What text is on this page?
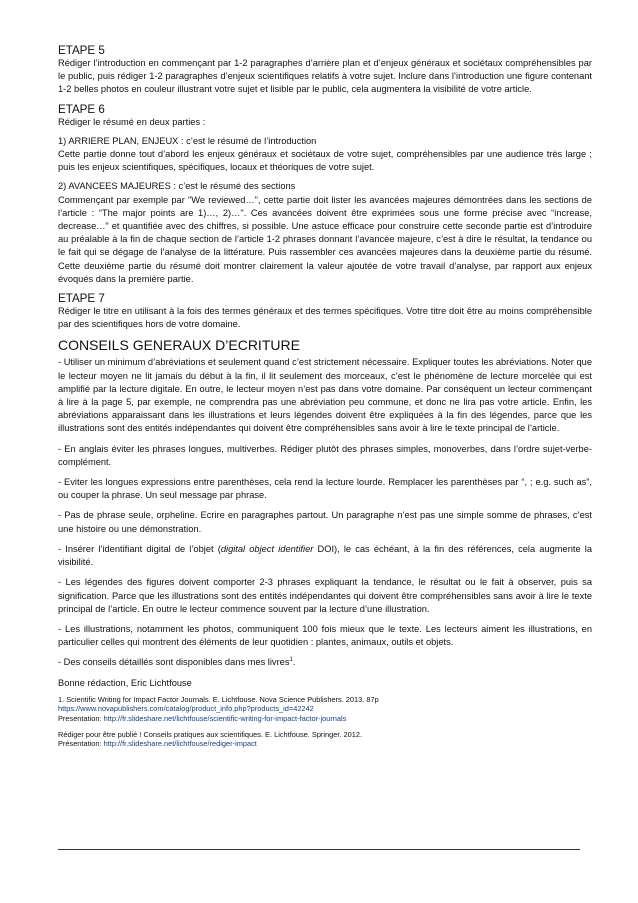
ETAPE 5

Rédiger l’introduction en commençant par 1-2 paragraphes d’arrière plan et d’enjeux généraux et sociétaux compréhensibles par le public, puis rédiger 1-2 paragraphes d’enjeux scientifiques relatifs à votre sujet. Inclure dans l’introduction une figure contenant 1-2 belles photos en couleur illustrant votre sujet et lisible par le public, cela augmentera la visibilité de votre article.

ETAPE 6

Rédiger le résumé en deux parties :

1) ARRIERE PLAN, ENJEUX : c’est le résumé de l’introduction

Cette partie donne tout d’abord les enjeux généraux et sociétaux de votre sujet, compréhensibles par une audience très large ; puis les enjeux scientifiques, spécifiques, locaux et théoriques de votre sujet.

2) AVANCEES MAJEURES : c’est le résumé des sections

Commençant par exemple par "We reviewed…”, cette partie doit lister les avancées majeures démontrées dans les sections de l’article : “The major points are 1)…, 2)…". Ces avancées doivent être exprimées sous une forme précise avec “increase, decrease…” et quantifiée avec des chiffres, si possible. Une astuce efficace pour construire cette seconde partie est d’introduire au préalable à la fin de chaque section de l’article 1-2 phrases donnant l’avancée majeure, c’est à dire le résultat, la tendance ou le fait qui se dégage de l’analyse de la littérature. Puis rassembler ces avancées majeures dans la deuxième partie du résumé. Cette deuxième partie du résumé doit montrer clairement la valeur ajoutée de votre travail d’analyse, par rapport aux enjeux évoqués dans la première partie.

ETAPE 7

Rédiger le titre en utilisant à la fois des termes généraux et des termes spécifiques. Votre titre doit être au moins compréhensible par des scientifiques hors de votre domaine.

CONSEILS GENERAUX D’ECRITURE

- Utiliser un minimum d’abréviations et seulement quand c’est strictement nécessaire. Expliquer toutes les abréviations. Noter que le lecteur moyen ne lit jamais du début à la fin, il lit seulement des morceaux, c’est le phénomène de lecture morcelée qui est amplifié par la lecture digitale. En outre, le lecteur moyen n’est pas dans votre domaine. Par conséquent un lecteur commençant à lire à la page 5, par exemple, ne comprendra pas une abréviation peu commune, et donc ne lira pas votre article. Enfin, les abréviations apparaissant dans les illustrations et leurs légendes doivent être expliquées à la fin des légendes, parce que les illustrations sont des entités indépendantes qui doivent être compréhensibles sans avoir à lire le texte principal de l’article.

- En anglais éviter les phrases longues, multiverbes. Rédiger plutôt des phrases simples, monoverbes, dans l’ordre sujet-verbe-complément.

- Eviter les longues expressions entre parenthèses, cela rend la lecture lourde. Remplacer les parenthèses par “, ; e.g. such as”, ou couper la phrase. Un seul message par phrase.

- Pas de phrase seule, orpheline. Ecrire en paragraphes partout. Un paragraphe n’est pas une simple somme de phrases, c’est une histoire ou une démonstration.

- Insérer l’identifiant digital de l’objet (digital object identifier DOI), le cas échéant, à la fin des références, cela augmente la visibilité.

- Les légendes des figures doivent comporter 2-3 phrases expliquant la tendance, le résultat ou le fait à observer, puis sa signification. Parce que les illustrations sont des entités indépendantes qui doivent être compréhensibles sans avoir à lire le texte principal de l’article. En outre le lecteur commence souvent par la lecture d’une illustration.

- Les illustrations, notamment les photos, communiquent 100 fois mieux que le texte. Les lecteurs aiment les illustrations, en particulier celles qui montrent des éléments de leur quotidien : plantes, animaux, outils et objets.

- Des conseils détaillés sont disponibles dans mes livres$^1$.

Bonne rédaction, Eric Lichtfouse

1. Scientific Writing for Impact Factor Journals. E. Lichtfouse. Nova Science Publishers. 2013. 87p

https://www.novapublishers.com/catalog/product_info.php?products_id=42242

Presentation: http://fr.slideshare.net/lichtfouse/scientific-writing-for-impact-factor-journals

Rédiger pour être publié ! Conseils pratiques aux scientifiques. E. Lichtfouse. Springer. 2012.

Présentation: http://fr.slideshare.net/lichtfouse/rediger-impact
